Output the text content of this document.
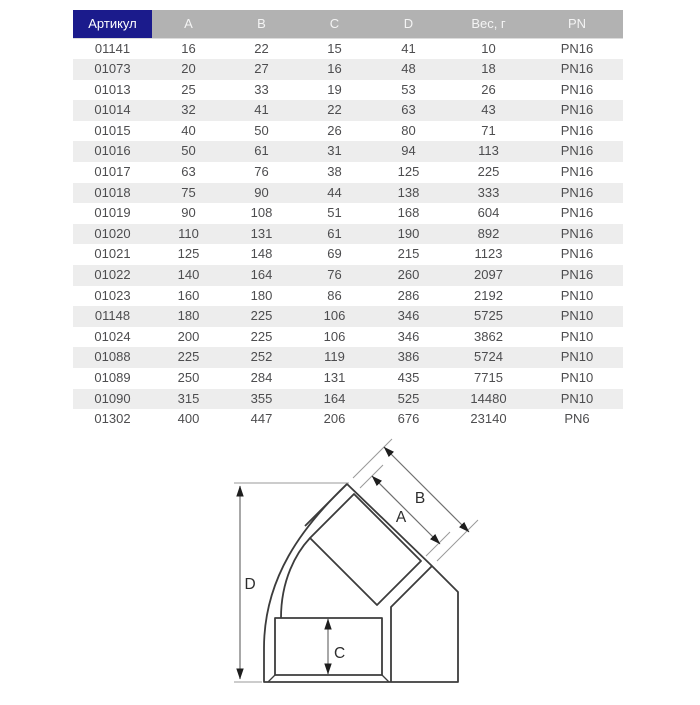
Артикул	A	B	C	D	Вес, г	PN
01141	16	22	15	41	10	PN16
01073	20	27	16	48	18	PN16
01013	25	33	19	53	26	PN16
01014	32	41	22	63	43	PN16
01015	40	50	26	80	71	PN16
01016	50	61	31	94	113	PN16
01017	63	76	38	125	225	PN16
01018	75	90	44	138	333	PN16
01019	90	108	51	168	604	PN16
01020	110	131	61	190	892	PN16
01021	125	148	69	215	1123	PN16
01022	140	164	76	260	2097	PN16
01023	160	180	86	286	2192	PN10
01148	180	225	106	346	5725	PN10
01024	200	225	106	346	3862	PN10
01088	225	252	119	386	5724	PN10
01089	250	284	131	435	7715	PN10
01090	315	355	164	525	14480	PN10
01302	400	447	206	676	23140	PN6
D
C
A
B
